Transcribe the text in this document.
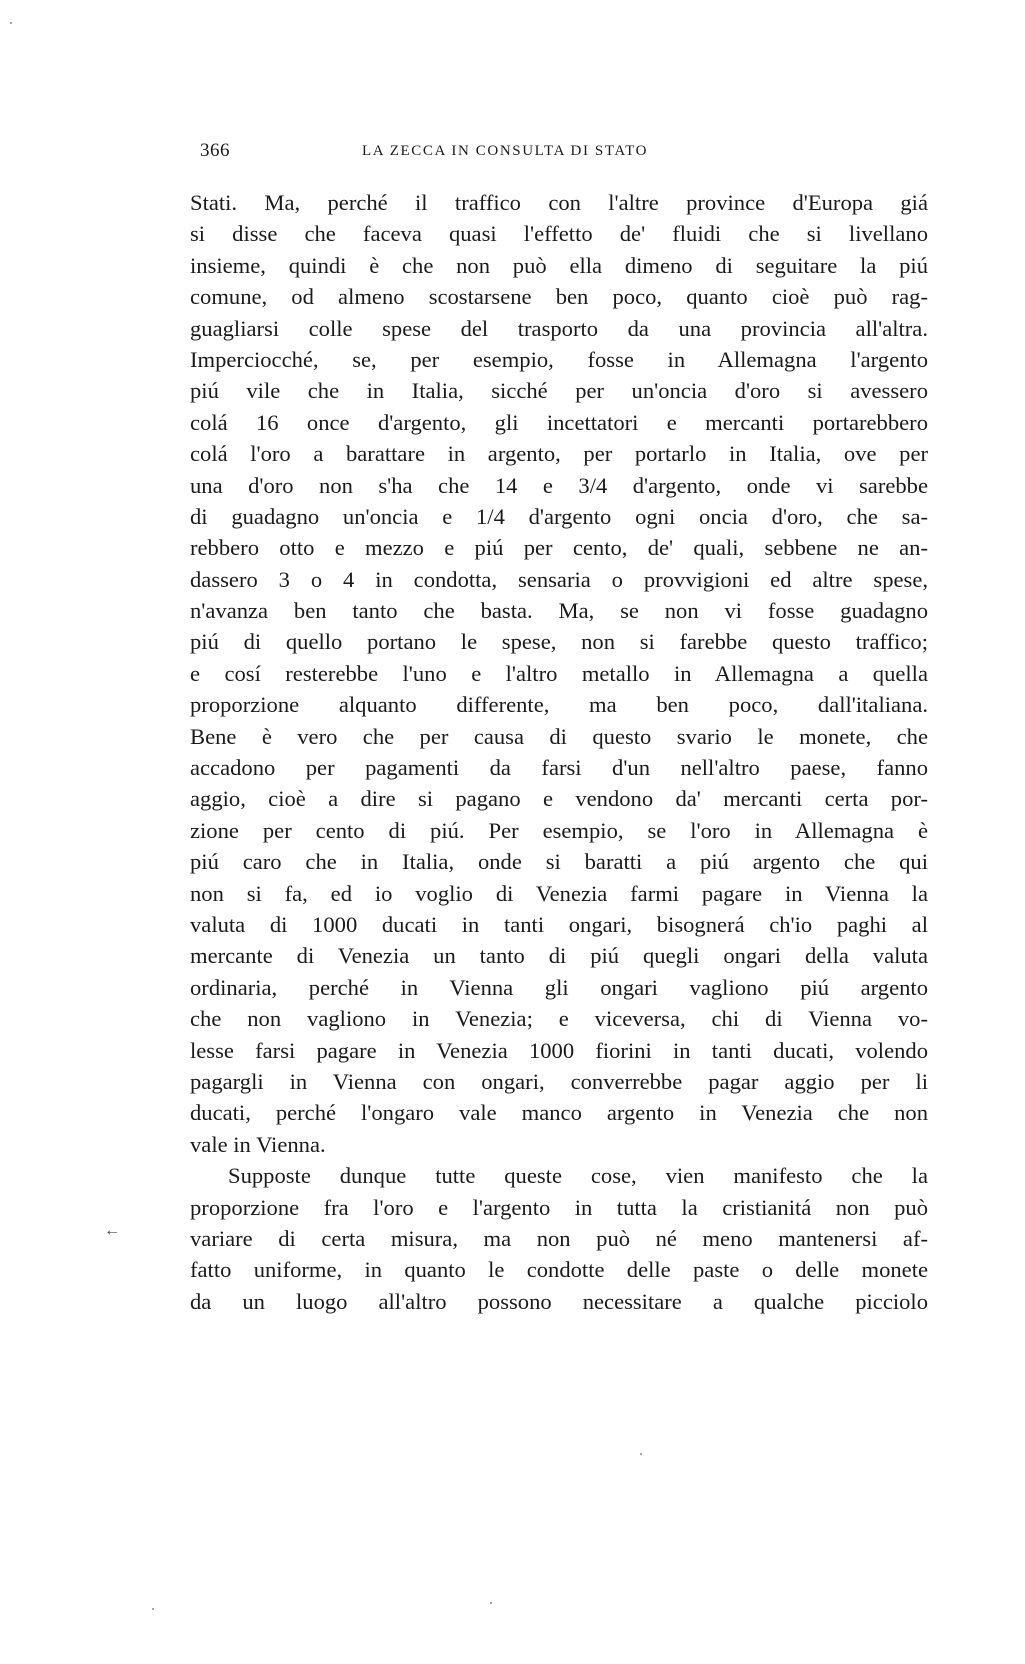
366	LA ZECCA IN CONSULTA DI STATO
←
Stati. Ma, perché il traffico con l'altre province d'Europa giá
si disse che faceva quasi l'effetto de' fluidi che si livellano
insieme, quindi è che non può ella dimeno di seguitare la piú
comune, od almeno scostarsene ben poco, quanto cioè può rag-
guagliarsi colle spese del trasporto da una provincia all'altra.
Imperciocché, se, per esempio, fosse in Allemagna l'argento
piú vile che in Italia, sicché per un'oncia d'oro si avessero
colá 16 once d'argento, gli incettatori e mercanti portarebbero
colá l'oro a barattare in argento, per portarlo in Italia, ove per
una d'oro non s'ha che 14 e 3/4 d'argento, onde vi sarebbe
di guadagno un'oncia e 1/4 d'argento ogni oncia d'oro, che sa-
rebbero otto e mezzo e piú per cento, de' quali, sebbene ne an-
dassero 3 o 4 in condotta, sensaria o provvigioni ed altre spese,
n'avanza ben tanto che basta. Ma, se non vi fosse guadagno
piú di quello portano le spese, non si farebbe questo traffico;
e cosí resterebbe l'uno e l'altro metallo in Allemagna a quella
proporzione alquanto differente, ma ben poco, dall'italiana.
Bene è vero che per causa di questo svario le monete, che
accadono per pagamenti da farsi d'un nell'altro paese, fanno
aggio, cioè a dire si pagano e vendono da' mercanti certa por-
zione per cento di piú. Per esempio, se l'oro in Allemagna è
piú caro che in Italia, onde si baratti a piú argento che qui
non si fa, ed io voglio di Venezia farmi pagare in Vienna la
valuta di 1000 ducati in tanti ongari, bisognerá ch'io paghi al
mercante di Venezia un tanto di piú quegli ongari della valuta
ordinaria, perché in Vienna gli ongari vagliono piú argento
che non vagliono in Venezia; e viceversa, chi di Vienna vo-
lesse farsi pagare in Venezia 1000 fiorini in tanti ducati, volendo
pagargli in Vienna con ongari, converrebbe pagar aggio per li
ducati, perché l'ongaro vale manco argento in Venezia che non
vale in Vienna.
Supposte dunque tutte queste cose, vien manifesto che la
proporzione fra l'oro e l'argento in tutta la cristianitá non può
variare di certa misura, ma non può né meno mantenersi af-
fatto uniforme, in quanto le condotte delle paste o delle monete
da un luogo all'altro possono necessitare a qualche picciolo
